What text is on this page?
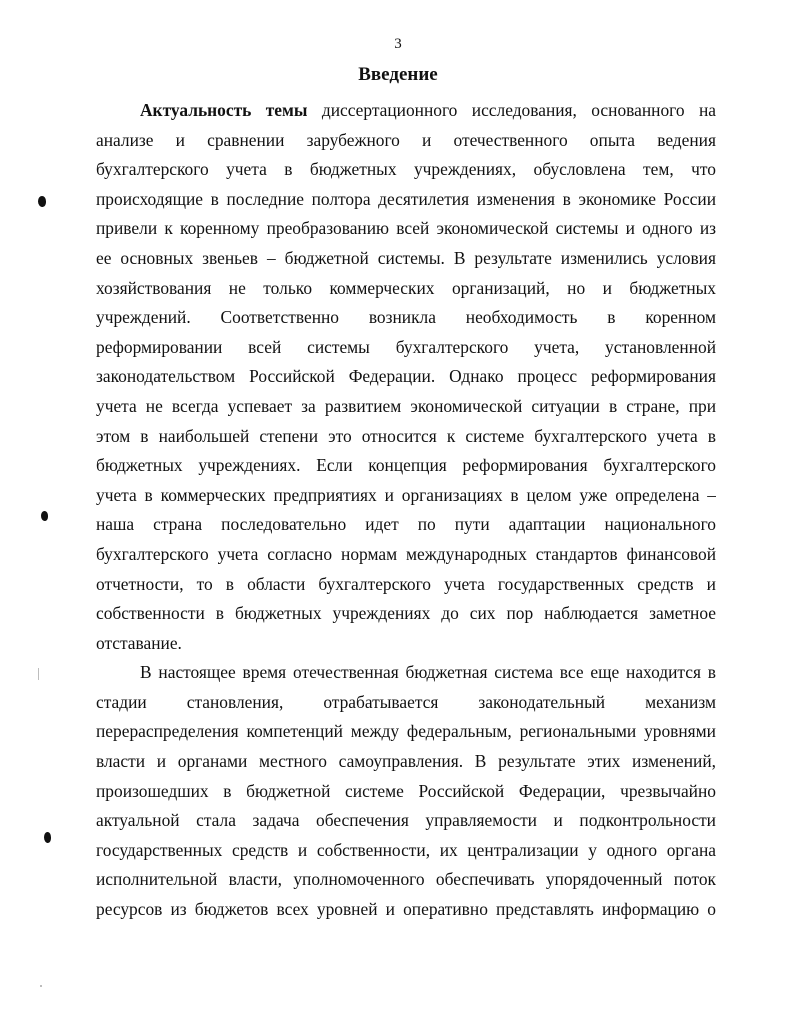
3
Введение
Актуальность темы диссертационного исследования, основанного на
анализе и сравнении зарубежного и отечественного опыта ведения
бухгалтерского учета в бюджетных учреждениях, обусловлена тем, что
происходящие в последние полтора десятилетия изменения в экономике России
привели к коренному преобразованию всей экономической системы и одного из
ее основных звеньев – бюджетной системы. В результате изменились условия
хозяйствования не только коммерческих организаций, но и бюджетных
учреждений. Соответственно возникла необходимость в коренном
реформировании всей системы бухгалтерского учета, установленной
законодательством Российской Федерации. Однако процесс реформирования
учета не всегда успевает за развитием экономической ситуации в стране, при
этом в наибольшей степени это относится к системе бухгалтерского учета в
бюджетных учреждениях. Если концепция реформирования бухгалтерского
учета в коммерческих предприятиях и организациях в целом уже определена –
наша страна последовательно идет по пути адаптации национального
бухгалтерского учета согласно нормам международных стандартов финансовой
отчетности, то в области бухгалтерского учета государственных средств и
собственности в бюджетных учреждениях до сих пор наблюдается заметное
отставание.
В настоящее время отечественная бюджетная система все еще находится в
стадии становления, отрабатывается законодательный механизм
перераспределения компетенций между федеральным, региональными уровнями
власти и органами местного самоуправления. В результате этих изменений,
произошедших в бюджетной системе Российской Федерации, чрезвычайно
актуальной стала задача обеспечения управляемости и подконтрольности
государственных средств и собственности, их централизации у одного органа
исполнительной власти, уполномоченного обеспечивать упорядоченный поток
ресурсов из бюджетов всех уровней и оперативно представлять информацию о
